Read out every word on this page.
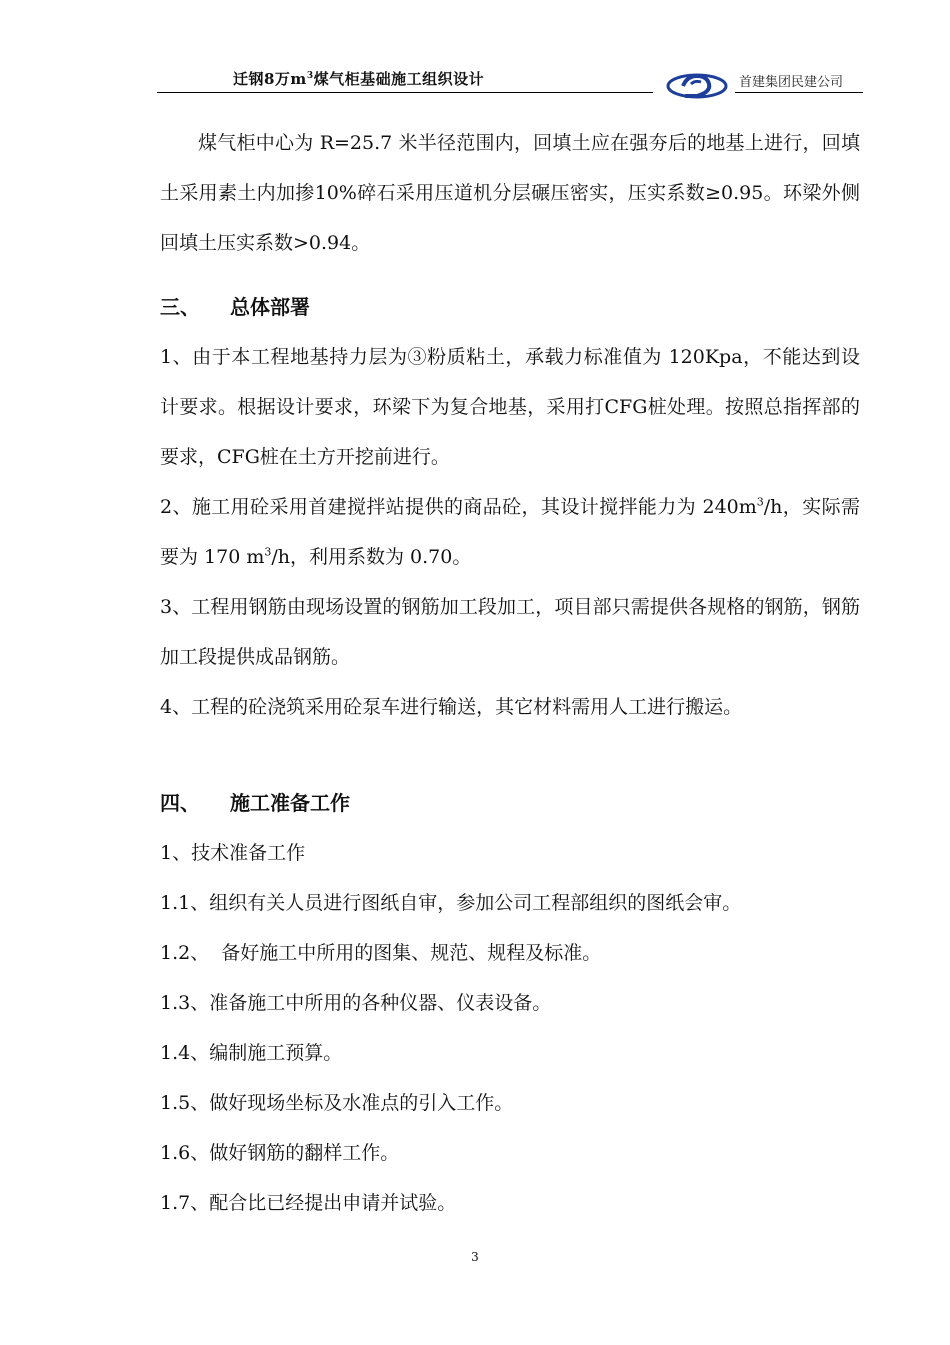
迁钢8万$m^3$煤气柜基础施工组织设计	首建集团民建公司

煤气柜中心为 R=25.7 米半径范围内，回填土应在强夯后的地基上进行，回填土采用素土内加掺10%碎石采用压道机分层碾压密实，压实系数≥0.95。环梁外侧回填土压实系数>0.94。

三、 总体部署

1、由于本工程地基持力层为③粉质粘土，承载力标准值为 120Kpa，不能达到设计要求。根据设计要求，环梁下为复合地基，采用打CFG桩处理。按照总指挥部的要求，CFG桩在土方开挖前进行。

2、施工用砼采用首建搅拌站提供的商品砼，其设计搅拌能力为 $240m^3/h$，实际需要为 170 $m^3/h$，利用系数为 0.70。

3、工程用钢筋由现场设置的钢筋加工段加工，项目部只需提供各规格的钢筋，钢筋加工段提供成品钢筋。

4、工程的砼浇筑采用砼泵车进行输送，其它材料需用人工进行搬运。

四、 施工准备工作

1、技术准备工作

1.1、组织有关人员进行图纸自审，参加公司工程部组织的图纸会审。

1.2、  备好施工中所用的图集、规范、规程及标准。

1.3、准备施工中所用的各种仪器、仪表设备。

1.4、编制施工预算。

1.5、做好现场坐标及水准点的引入工作。

1.6、做好钢筋的翻样工作。

1.7、配合比已经提出申请并试验。

3
